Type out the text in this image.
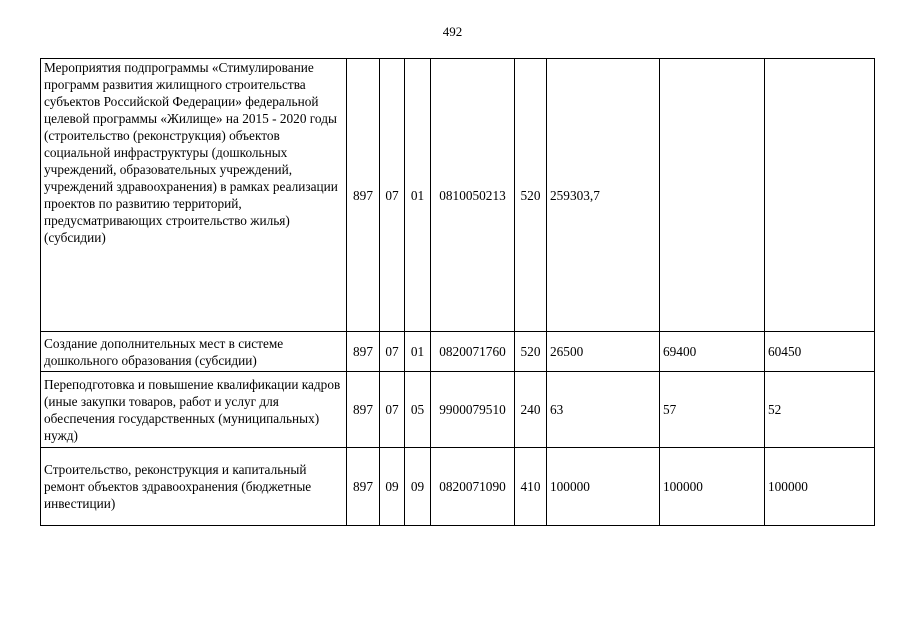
492
Мероприятия подпрограммы «Стимулирование программ развития жилищного строительства субъектов Российской Федерации» федеральной целевой программы «Жилище» на 2015 - 2020 годы (строительство (реконструкция) объектов социальной инфраструктуры (дошкольных учреждений, образовательных учреждений, учреждений здравоохранения) в рамках реализации проектов по развитию территорий, предусматривающих строительство жилья) (субсидии)	897	07	01	0810050213	520	259303,7		

Создание дополнительных мест в системе дошкольного образования (субсидии)	897	07	01	0820071760	520	26500	69400	60450

Переподготовка и повышение квалификации кадров (иные закупки товаров, работ и услуг для обеспечения государственных (муниципальных) нужд)	897	07	05	9900079510	240	63	57	52

Строительство, реконструкция и капитальный ремонт объектов здравоохранения (бюджетные инвестиции)	897	09	09	0820071090	410	100000	100000	100000
